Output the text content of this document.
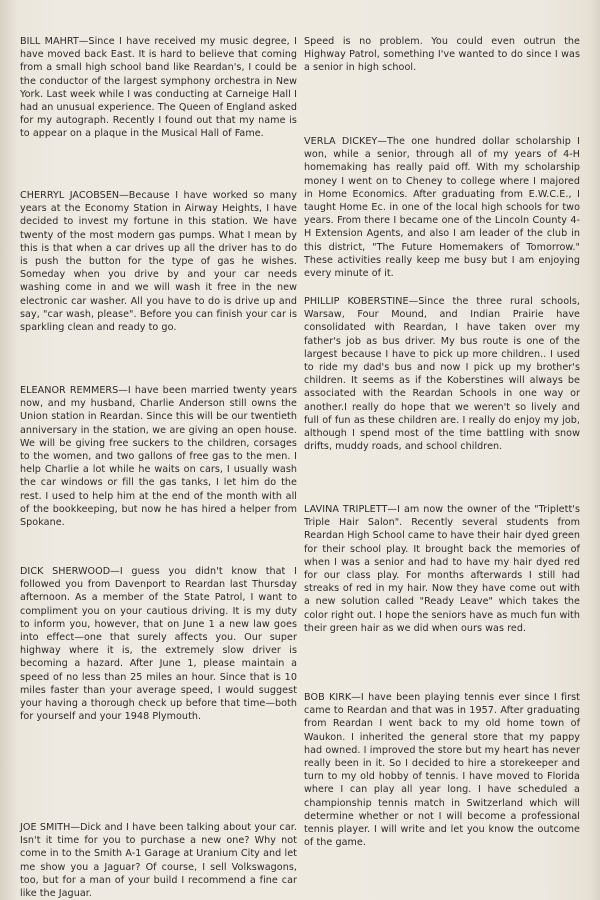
BILL MAHRT—Since I have received my music degree, I have moved back East. It is hard to believe that coming from a small high school band like Reardan's, I could be the conductor of the largest symphony orchestra in New York. Last week while I was conducting at Carneige Hall I had an unusual experience. The Queen of England asked for my autograph. Recently I found out that my name is to appear on a plaque in the Musical Hall of Fame.

CHERRYL JACOBSEN—Because I have worked so many years at the Economy Station in Airway Heights, I have decided to invest my fortune in this station. We have twenty of the most modern gas pumps. What I mean by this is that when a car drives up all the driver has to do is push the button for the type of gas he wishes. Someday when you drive by and your car needs washing come in and we will wash it free in the new electronic car washer. All you have to do is drive up and say, "car wash, please". Before you can finish your car is sparkling clean and ready to go.

ELEANOR REMMERS—I have been married twenty years now, and my husband, Charlie Anderson still owns the Union station in Reardan. Since this will be our twentieth anniversary in the station, we are giving an open house. We will be giving free suckers to the children, corsages to the women, and two gallons of free gas to the men. I help Charlie a lot while he waits on cars, I usually wash the car windows or fill the gas tanks, I let him do the rest. I used to help him at the end of the month with all of the bookkeeping, but now he has hired a helper from Spokane.

DICK SHERWOOD—I guess you didn't know that I followed you from Davenport to Reardan last Thursday afternoon. As a member of the State Patrol, I want to compliment you on your cautious driving. It is my duty to inform you, however, that on June 1 a new law goes into effect—one that surely affects you. Our super highway where it is, the extremely slow driver is becoming a hazard. After June 1, please maintain a speed of no less than 25 miles an hour. Since that is 10 miles faster than your average speed, I would suggest your having a thorough check up before that time—both for yourself and your 1948 Plymouth.

JOE SMITH—Dick and I have been talking about your car. Isn't it time for you to purchase a new one? Why not come in to the Smith A-1 Garage at Uranium City and let me show you a Jaguar? Of course, I sell Volkswagons, too, but for a man of your build I recommend a fine car like the Jaguar.

Speed is no problem. You could even outrun the Highway Patrol, something I've wanted to do since I was a senior in high school.

VERLA DICKEY—The one hundred dollar scholarship I won, while a senior, through all of my years of 4-H homemaking has really paid off. With my scholarship money I went on to Cheney to college where I majored in Home Economics. After graduating from E.W.C.E., I taught Home Ec. in one of the local high schools for two years. From there I became one of the Lincoln County 4-H Extension Agents, and also I am leader of the club in this district, "The Future Homemakers of Tomorrow." These activities really keep me busy but I am enjoying every minute of it.

PHILLIP KOBERSTINE—Since the three rural schools, Warsaw, Four Mound, and Indian Prairie have consolidated with Reardan, I have taken over my father's job as bus driver. My bus route is one of the largest because I have to pick up more children.. I used to ride my dad's bus and now I pick up my brother's children. It seems as if the Koberstines will always be associated with the Reardan Schools in one way or another.I really do hope that we weren't so lively and full of fun as these children are. I really do enjoy my job, although I spend most of the time battling with snow drifts, muddy roads, and school children.

LAVINA TRIPLETT—I am now the owner of the "Triplett's Triple Hair Salon". Recently several students from Reardan High School came to have their hair dyed green for their school play. It brought back the memories of when I was a senior and had to have my hair dyed red for our class play. For months afterwards I still had streaks of red in my hair. Now they have come out with a new solution called "Ready Leave" which takes the color right out. I hope the seniors have as much fun with their green hair as we did when ours was red.

BOB KIRK—I have been playing tennis ever since I first came to Reardan and that was in 1957. After graduating from Reardan I went back to my old home town of Waukon. I inherited the general store that my pappy had owned. I improved the store but my heart has never really been in it. So I decided to hire a storekeeper and turn to my old hobby of tennis. I have moved to Florida where I can play all year long. I have scheduled a championship tennis match in Switzerland which will determine whether or not I will become a professional tennis player. I will write and let you know the outcome of the game.
